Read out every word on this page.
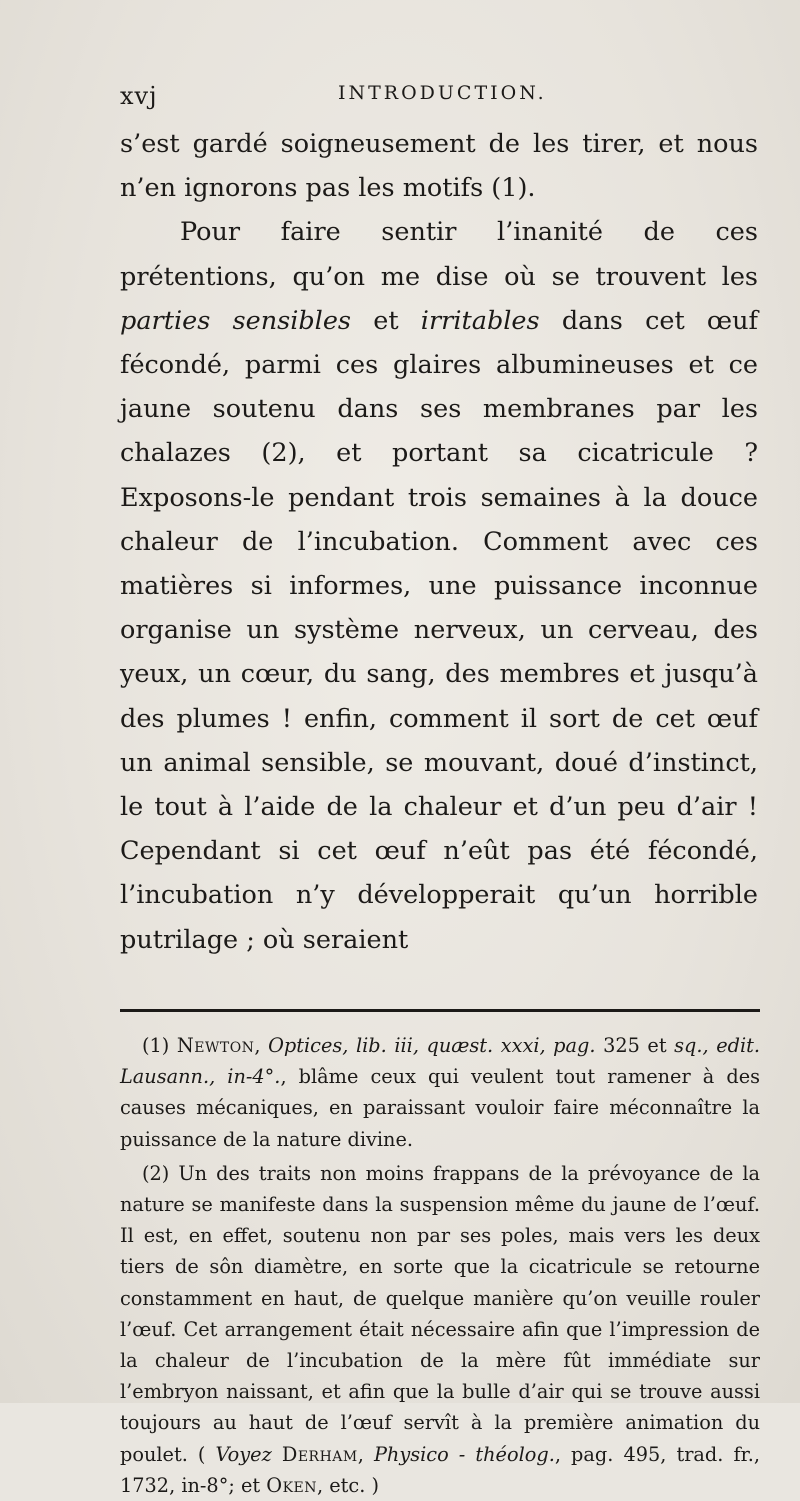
xvj	INTRODUCTION.

s’est gardé soigneusement de les tirer, et nous n’en ignorons pas les motifs (1).

Pour faire sentir l’inanité de ces prétentions, qu’on me dise où se trouvent les parties sensibles et irritables dans cet œuf fécondé, parmi ces glaires albumineuses et ce jaune soutenu dans ses membranes par les chalazes (2), et portant sa cicatricule ? Exposons-le pendant trois semaines à la douce chaleur de l’incubation. Comment avec ces matières si informes, une puissance inconnue organise un système nerveux, un cerveau, des yeux, un cœur, du sang, des membres et jusqu’à des plumes ! enfin, comment il sort de cet œuf un animal sensible, se mouvant, doué d’instinct, le tout à l’aide de la chaleur et d’un peu d’air ! Cependant si cet œuf n’eût pas été fécondé, l’incubation n’y développerait qu’un horrible putrilage ; où seraient

(1) Newton, Optices, lib. iii, quæst. xxxi, pag. 325 et sq., edit. Lausann., in-4°., blâme ceux qui veulent tout ramener à des causes mécaniques, en paraissant vouloir faire méconnaître la puissance de la nature divine.

(2) Un des traits non moins frappans de la prévoyance de la nature se manifeste dans la suspension même du jaune de l’œuf. Il est, en effet, soutenu non par ses poles, mais vers les deux tiers de sôn diamètre, en sorte que la cicatricule se retourne constamment en haut, de quelque manière qu’on veuille rouler l’œuf. Cet arrangement était nécessaire afin que l’impression de la chaleur de l’incubation de la mère fût immédiate sur l’embryon naissant, et afin que la bulle d’air qui se trouve aussi toujours au haut de l’œuf servît à la première animation du poulet. ( Voyez Derham, Physico - théolog., pag. 495, trad. fr., 1732, in-8°; et Oken, etc. )
